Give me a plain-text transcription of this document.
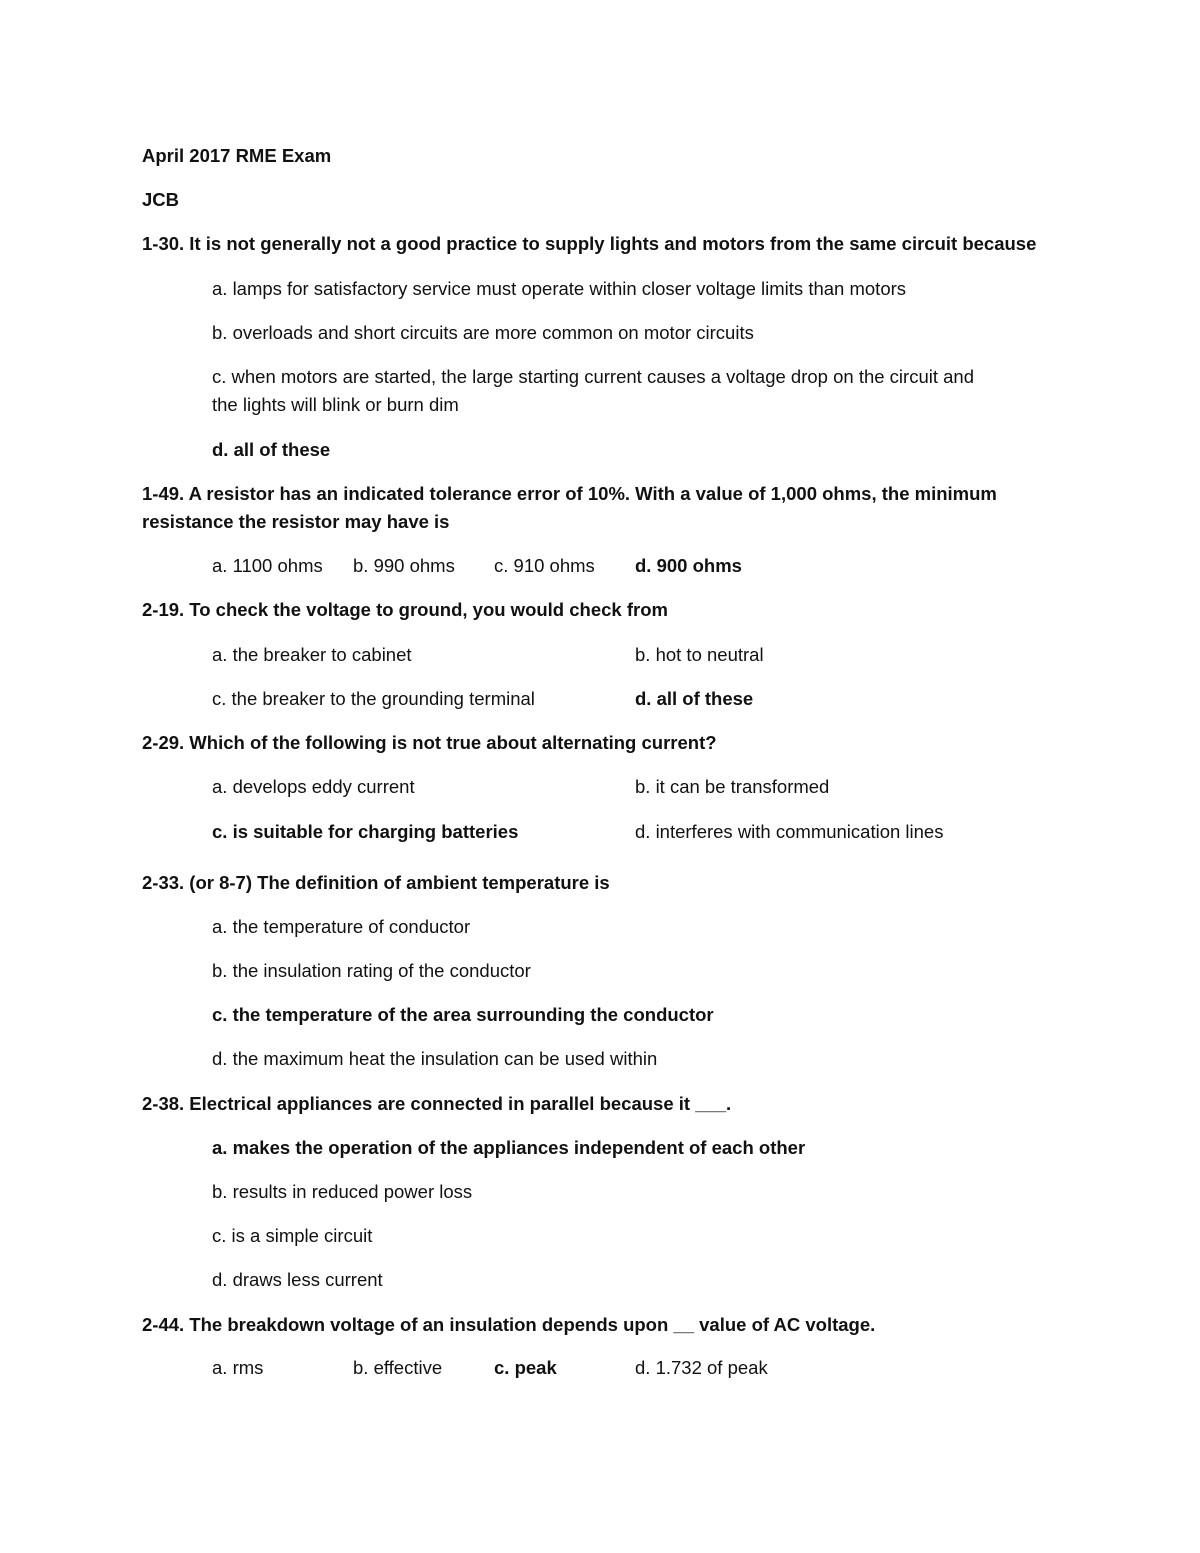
April 2017 RME Exam
JCB
1-30. It is not generally not a good practice to supply lights and motors from the same circuit because
a. lamps for satisfactory service must operate within closer voltage limits than motors
b. overloads and short circuits are more common on motor circuits
c. when motors are started, the large starting current causes a voltage drop on the circuit and
the lights will blink or burn dim
d. all of these
1-49. A resistor has an indicated tolerance error of 10%. With a value of 1,000 ohms, the minimum
resistance the resistor may have is
a. 1100 ohms b. 990 ohms c. 910 ohms d. 900 ohms
2-19. To check the voltage to ground, you would check from
a. the breaker to cabinet	b. hot to neutral
c. the breaker to the grounding terminal	d. all of these
2-29. Which of the following is not true about alternating current?
a. develops eddy current	b. it can be transformed
c. is suitable for charging batteries	d. interferes with communication lines
2-33. (or 8-7) The definition of ambient temperature is
a. the temperature of conductor
b. the insulation rating of the conductor
c. the temperature of the area surrounding the conductor
d. the maximum heat the insulation can be used within
2-38. Electrical appliances are connected in parallel because it ___.
a. makes the operation of the appliances independent of each other
b. results in reduced power loss
c. is a simple circuit
d. draws less current
2-44. The breakdown voltage of an insulation depends upon __ value of AC voltage.
a. rms	b. effective	c. peak	d. 1.732 of peak
